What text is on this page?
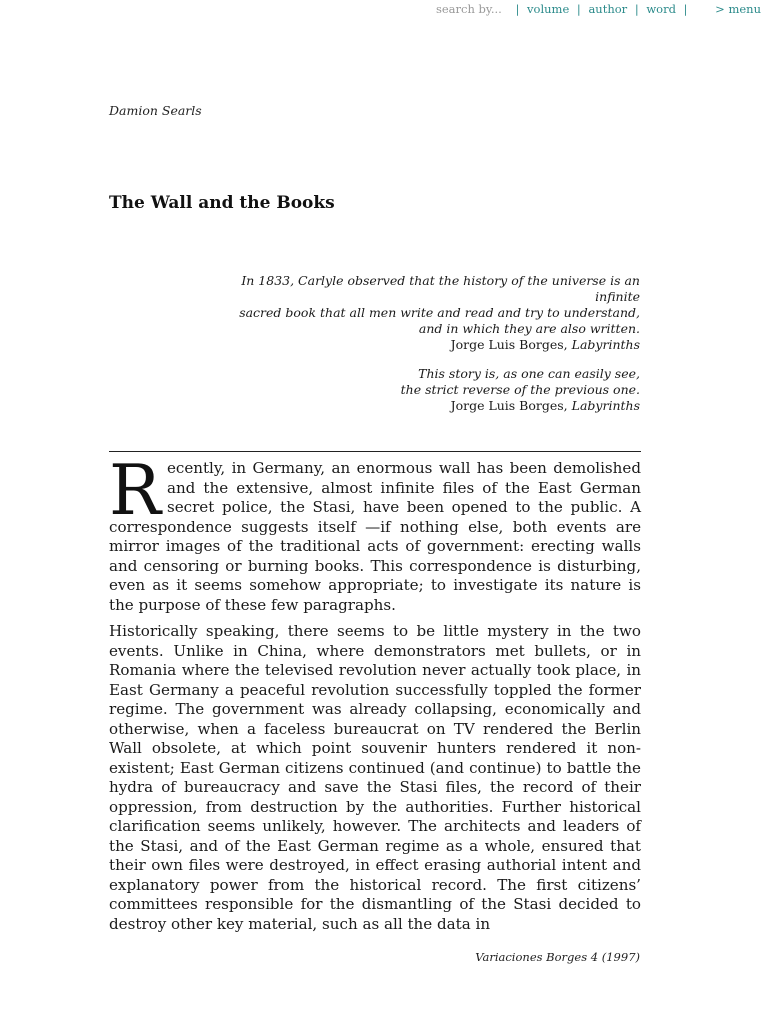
search by... | volume | author | word | > menu
Damion Searls
The Wall and the Books
In 1833, Carlyle observed that the history of the universe is an infinite
sacred book that all men write and read and try to understand,
and in which they are also written.
Jorge Luis Borges, Labyrinths
This story is, as one can easily see,
the strict reverse of the previous one.
Jorge Luis Borges, Labyrinths

Recently, in Germany, an enormous wall has been demolished and the extensive, almost infinite files of the East German secret police, the Stasi, have been opened to the public. A correspondence suggests itself —if nothing else, both events are mirror images of the traditional acts of government: erecting walls and censoring or burning books. This correspondence is disturbing, even as it seems somehow appropriate; to investigate its nature is the purpose of these few paragraphs.

Historically speaking, there seems to be little mystery in the two events. Unlike in China, where demonstrators met bullets, or in Romania where the televised revolution never actually took place, in East Germany a peaceful revolution successfully toppled the former regime. The government was already collapsing, economically and otherwise, when a faceless bureaucrat on TV rendered the Berlin Wall obsolete, at which point souvenir hunters rendered it non-existent; East German citizens continued (and continue) to battle the hydra of bureaucracy and save the Stasi files, the record of their oppression, from destruction by the authorities. Further historical clarification seems unlikely, however. The architects and leaders of the Stasi, and of the East German regime as a whole, ensured that their own files were destroyed, in effect erasing authorial intent and explanatory power from the historical record. The first citizens’ committees responsible for the dismantling of the Stasi decided to destroy other key material, such as all the data in

Variaciones Borges 4 (1997)
